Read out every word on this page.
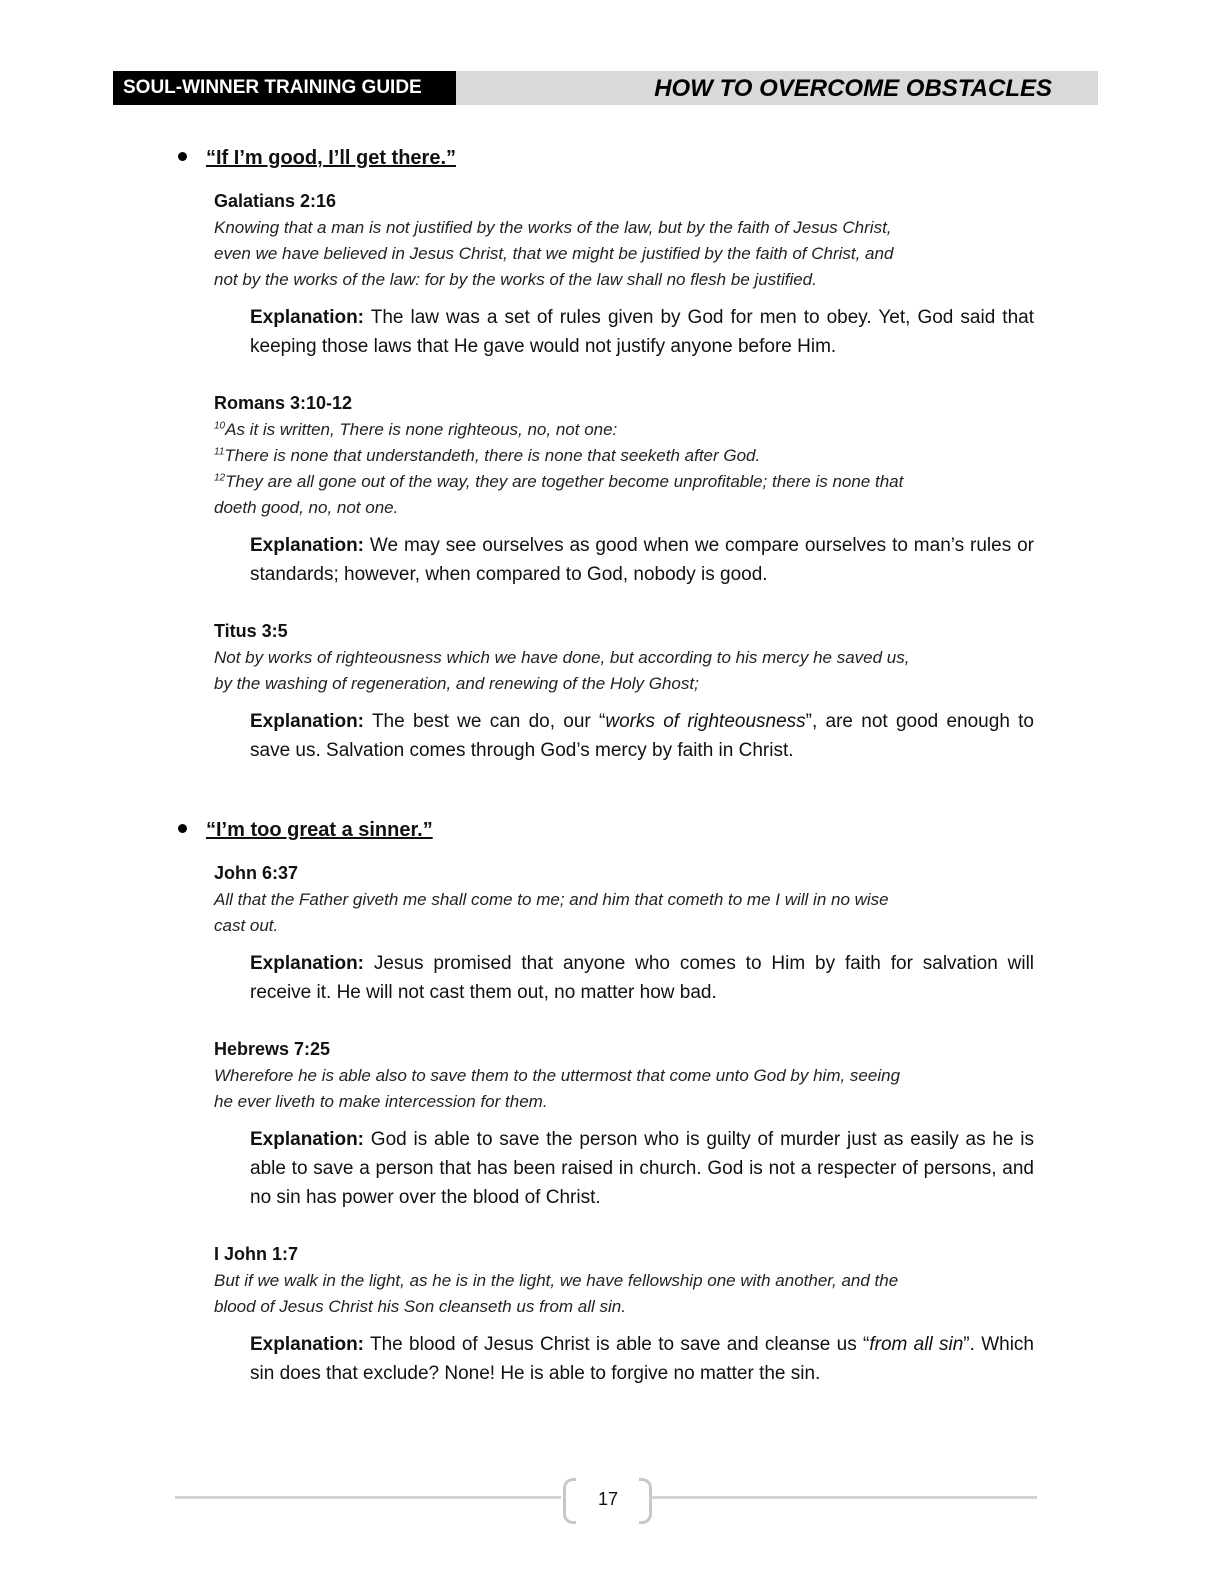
SOUL-WINNER TRAINING GUIDE	HOW TO OVERCOME OBSTACLES
“If I’m good, I’ll get there.”
Galatians 2:16
Knowing that a man is not justified by the works of the law, but by the faith of Jesus Christ,
even we have believed in Jesus Christ, that we might be justified by the faith of Christ, and
not by the works of the law: for by the works of the law shall no flesh be justified.
Explanation: The law was a set of rules given by God for men to obey. Yet, God said that keeping those laws that He gave would not justify anyone before Him.
Romans 3:10-12
$^{10}$As it is written, There is none righteous, no, not one:
$^{11}$There is none that understandeth, there is none that seeketh after God.
$^{12}$They are all gone out of the way, they are together become unprofitable; there is none that
doeth good, no, not one.
Explanation: We may see ourselves as good when we compare ourselves to man’s rules or standards; however, when compared to God, nobody is good.
Titus 3:5
Not by works of righteousness which we have done, but according to his mercy he saved us,
by the washing of regeneration, and renewing of the Holy Ghost;
Explanation: The best we can do, our “works of righteousness”, are not good enough to save us. Salvation comes through God’s mercy by faith in Christ.
“I’m too great a sinner.”
John 6:37
All that the Father giveth me shall come to me; and him that cometh to me I will in no wise
cast out.
Explanation: Jesus promised that anyone who comes to Him by faith for salvation will receive it. He will not cast them out, no matter how bad.
Hebrews 7:25
Wherefore he is able also to save them to the uttermost that come unto God by him, seeing
he ever liveth to make intercession for them.
Explanation: God is able to save the person who is guilty of murder just as easily as he is able to save a person that has been raised in church. God is not a respecter of persons, and no sin has power over the blood of Christ.
I John 1:7
But if we walk in the light, as he is in the light, we have fellowship one with another, and the
blood of Jesus Christ his Son cleanseth us from all sin.
Explanation: The blood of Jesus Christ is able to save and cleanse us “from all sin”. Which sin does that exclude? None! He is able to forgive no matter the sin.
17
